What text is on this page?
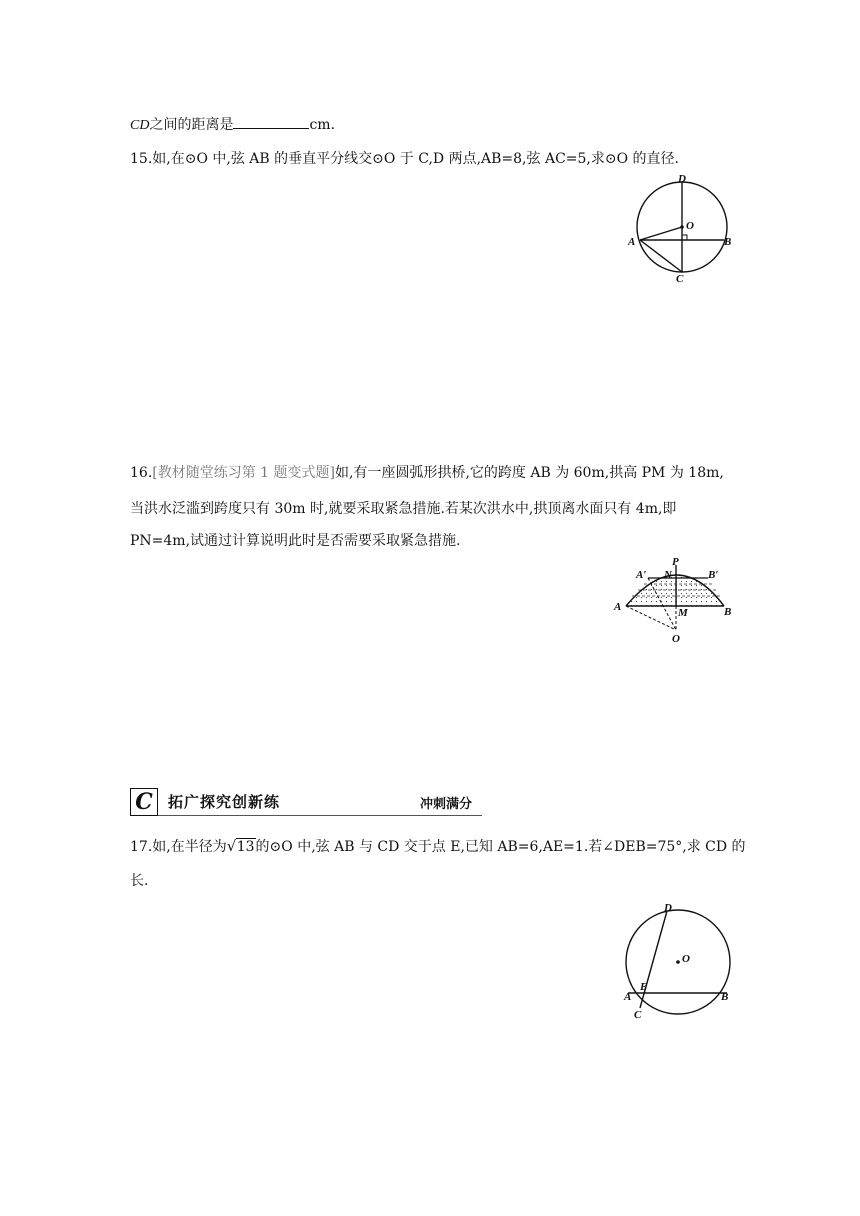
CD之间的距离是	cm.
15.如,在⊙O 中,弦 AB 的垂直平分线交⊙O 于 C,D 两点,AB=8,弦 AC=5,求⊙O 的直径.
D
O
A	B
C
16.[教材随堂练习第 1 题变式题]如,有一座圆弧形拱桥,它的跨度 AB 为 60m,拱高 PM 为 18m,
当洪水泛滥到跨度只有 30m 时,就要采取紧急措施.若某次洪水中,拱顶离水面只有 4m,即
PN=4m,试通过计算说明此时是否需要采取紧急措施.
P
A′ N	B′
A	M	B
O
C	拓广探究创新练	冲刺满分
17.如,在半径为 √ 13的⊙O 中,弦 AB 与 CD 交于点 E,已知 AB=6,AE=1.若∠DEB=75°,求 CD 的
长.
D
O
A
E
B
C
